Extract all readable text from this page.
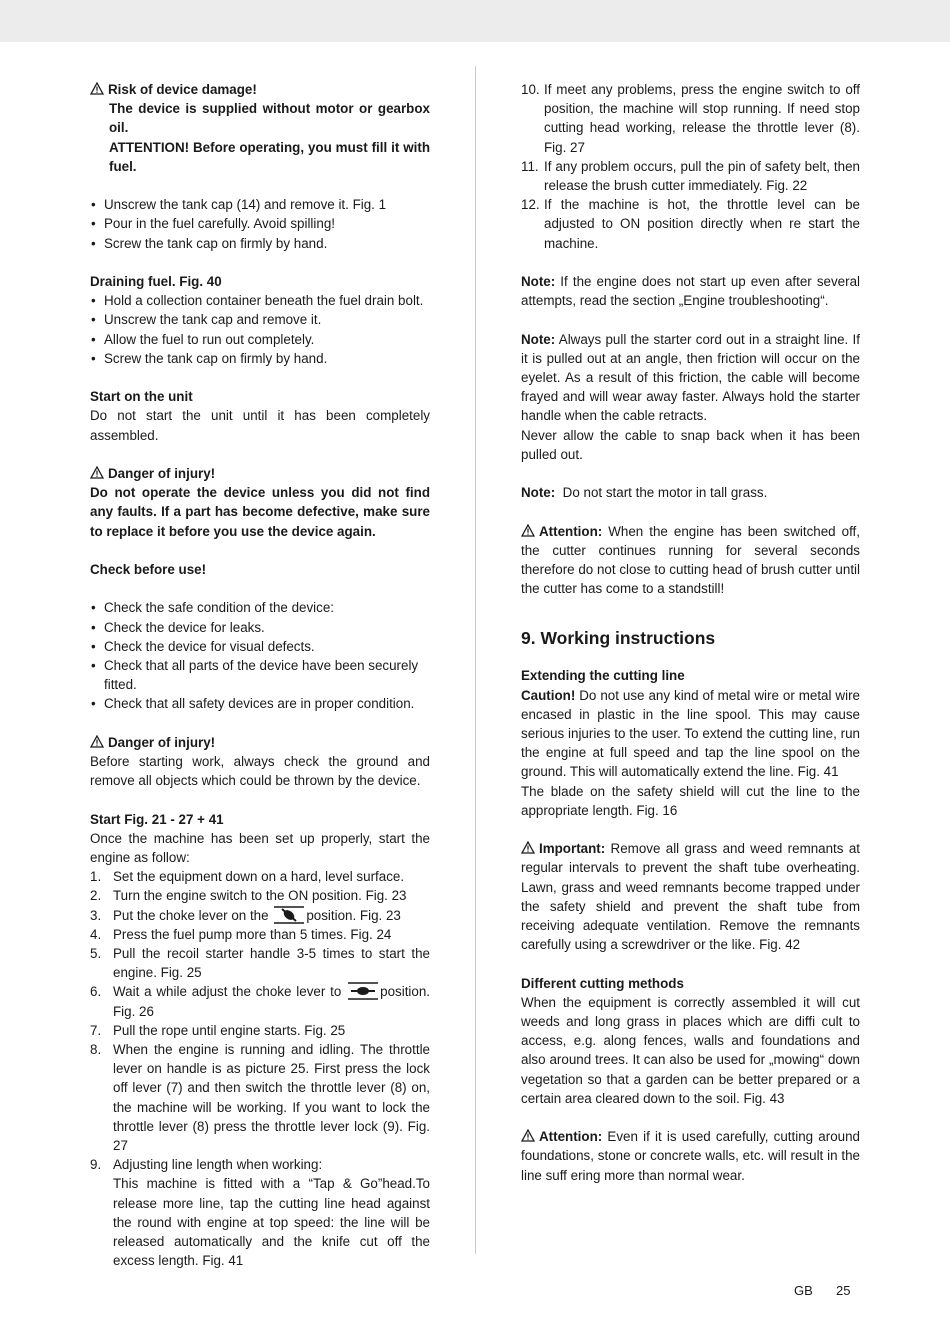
Risk of device damage!

The device is supplied without motor or gearbox oil.

ATTENTION! Before operating, you must fill it with fuel.

• Unscrew the tank cap (14) and remove it. Fig. 1
• Pour in the fuel carefully. Avoid spilling!
• Screw the tank cap on firmly by hand.

Draining fuel. Fig. 40

• Hold a collection container beneath the fuel drain bolt.
• Unscrew the tank cap and remove it.
• Allow the fuel to run out completely.
• Screw the tank cap on firmly by hand.

Start on the unit

Do not start the unit until it has been completely assembled.

Danger of injury!

Do not operate the device unless you did not find any faults. If a part has become defective, make sure to replace it before you use the device again.

Check before use!

• Check the safe condition of the device:
• Check the device for leaks.
• Check the device for visual defects.
• Check that all parts of the device have been securely fitted.
• Check that all safety devices are in proper condition.

Danger of injury!

Before starting work, always check the ground and remove all objects which could be thrown by the device.

Start Fig. 21 - 27 + 41

Once the machine has been set up properly, start the engine as follow:

1. Set the equipment down on a hard, level surface.
2. Turn the engine switch to the ON position. Fig. 23
3. Put the choke lever on the	position. Fig. 23
4. Press the fuel pump more than 5 times. Fig. 24
5. Pull the recoil starter handle 3-5 times to start the engine. Fig. 25
6. Wait a while adjust the choke lever to	position. Fig. 26
7. Pull the rope until engine starts. Fig. 25
8. When the engine is running and idling. The throttle lever on handle is as picture 25. First press the lock off lever (7) and then switch the throttle lever (8) on, the machine will be working. If you want to lock the throttle lever (8) press the throttle lever lock (9). Fig. 27
9. Adjusting line length when working:
This machine is fitted with a “Tap & Go”head.To release more line, tap the cutting line head against the round with engine at top speed: the line will be released automatically and the knife cut off the excess length. Fig. 41
10. If meet any problems, press the engine switch to off position, the machine will stop running. If need stop cutting head working, release the throttle lever (8). Fig. 27
11. If any problem occurs, pull the pin of safety belt, then release the brush cutter immediately. Fig. 22
12. If the machine is hot, the throttle level can be adjusted to ON position directly when re start the machine.

Note: If the engine does not start up even after several attempts, read the section „Engine troubleshooting“.

Note: Always pull the starter cord out in a straight line. If it is pulled out at an angle, then friction will occur on the eyelet. As a result of this friction, the cable will become frayed and will wear away faster. Always hold the starter handle when the cable retracts.

Never allow the cable to snap back when it has been pulled out.

Note:  Do not start the motor in tall grass.

Attention: When the engine has been switched off, the cutter continues running for several seconds therefore do not close to cutting head of brush cutter until the cutter has come to a standstill!

9. Working instructions

Extending the cutting line

Caution! Do not use any kind of metal wire or metal wire encased in plastic in the line spool. This may cause serious injuries to the user. To extend the cutting line, run the engine at full speed and tap the line spool on the ground. This will automatically extend the line. Fig. 41

The blade on the safety shield will cut the line to the appropriate length. Fig. 16

Important: Remove all grass and weed remnants at regular intervals to prevent the shaft tube overheating. Lawn, grass and weed remnants become trapped under the safety shield and prevent the shaft tube from receiving adequate ventilation. Remove the remnants carefully using a screwdriver or the like. Fig. 42

Different cutting methods

When the equipment is correctly assembled it will cut weeds and long grass in places which are diffi cult to access, e.g. along fences, walls and foundations and also around trees. It can also be used for „mowing“ down vegetation so that a garden can be better prepared or a certain area cleared down to the soil. Fig. 43

Attention: Even if it is used carefully, cutting around foundations, stone or concrete walls, etc. will result in the line suff ering more than normal wear.

GB 25
